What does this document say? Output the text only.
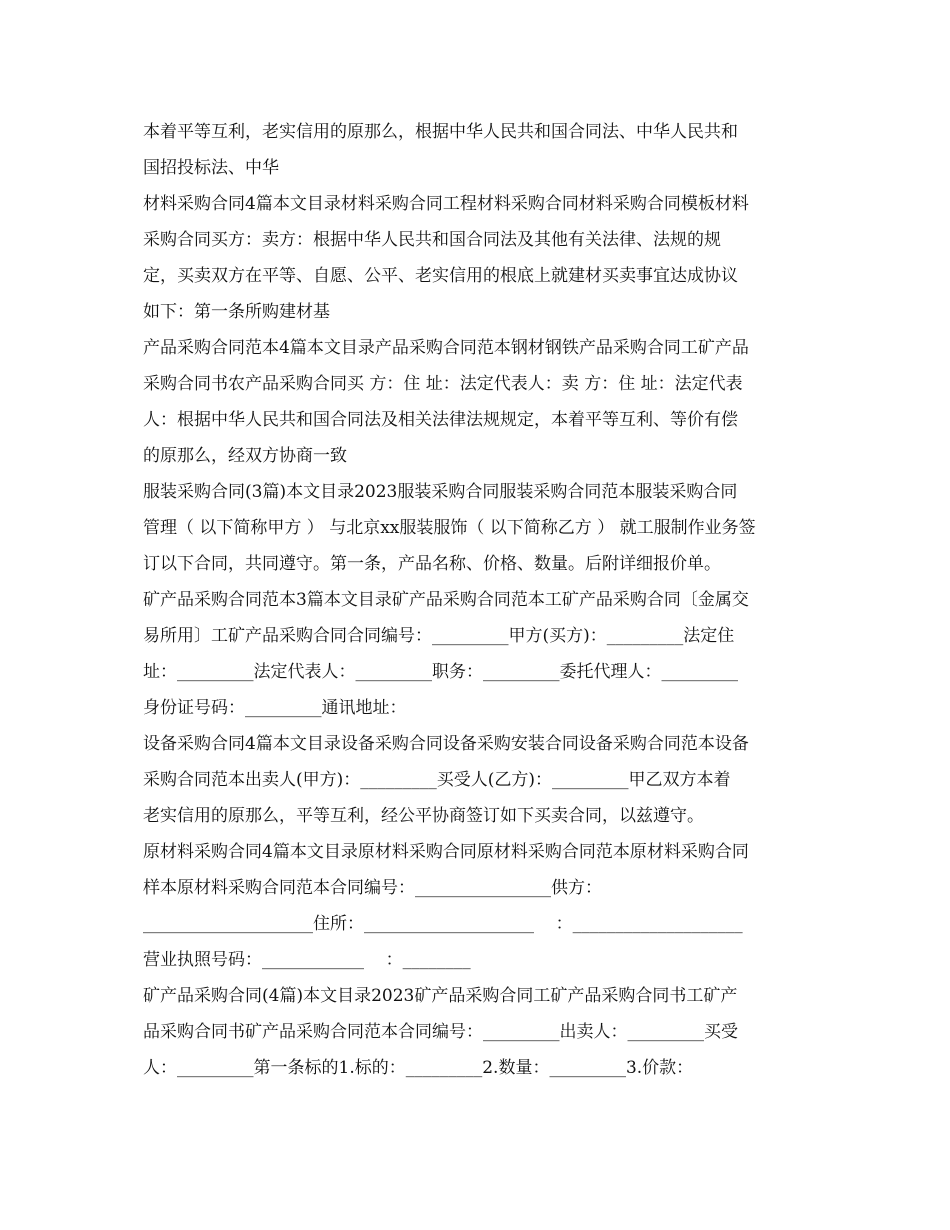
本着平等互利，老实信用的原那么，根据中华人民共和国合同法、中华人民共和
国招投标法、中华
材料采购合同4篇本文目录材料采购合同工程材料采购合同材料采购合同模板材料
采购合同买方：卖方：根据中华人民共和国合同法及其他有关法律、法规的规
定，买卖双方在平等、自愿、公平、老实信用的根底上就建材买卖事宜达成协议
如下：第一条所购建材基
产品采购合同范本4篇本文目录产品采购合同范本钢材钢铁产品采购合同工矿产品
采购合同书农产品采购合同买 方：住 址：法定代表人：卖 方：住 址：法定代表
人：根据中华人民共和国合同法及相关法律法规规定，本着平等互利、等价有偿
的原那么，经双方协商一致
服装采购合同(3篇)本文目录2023服装采购合同服装采购合同范本服装采购合同
管理（ 以下简称甲方 ） 与北京xx服装服饰（ 以下简称乙方 ） 就工服制作业务签
订以下合同，共同遵守。第一条，产品名称、价格、数量。后附详细报价单。
矿产品采购合同范本3篇本文目录矿产品采购合同范本工矿产品采购合同〔金属交
易所用〕工矿产品采购合同合同编号：_________甲方(买方)：_________法定住
址：_________法定代表人：_________职务：_________委托代理人：_________
身份证号码：_________通讯地址：
设备采购合同4篇本文目录设备采购合同设备采购安装合同设备采购合同范本设备
采购合同范本出卖人(甲方)：_________买受人(乙方)：_________甲乙双方本着
老实信用的原那么，平等互利，经公平协商签订如下买卖合同，以兹遵守。
原材料采购合同4篇本文目录原材料采购合同原材料采购合同范本原材料采购合同
样本原材料采购合同范本合同编号：________________供方：
____________________住所：____________________    ：____________________
营业执照号码：____________    ：________
矿产品采购合同(4篇)本文目录2023矿产品采购合同工矿产品采购合同书工矿产
品采购合同书矿产品采购合同范本合同编号：_________出卖人：_________买受
人：_________第一条标的1.标的：_________2.数量：_________3.价款：
